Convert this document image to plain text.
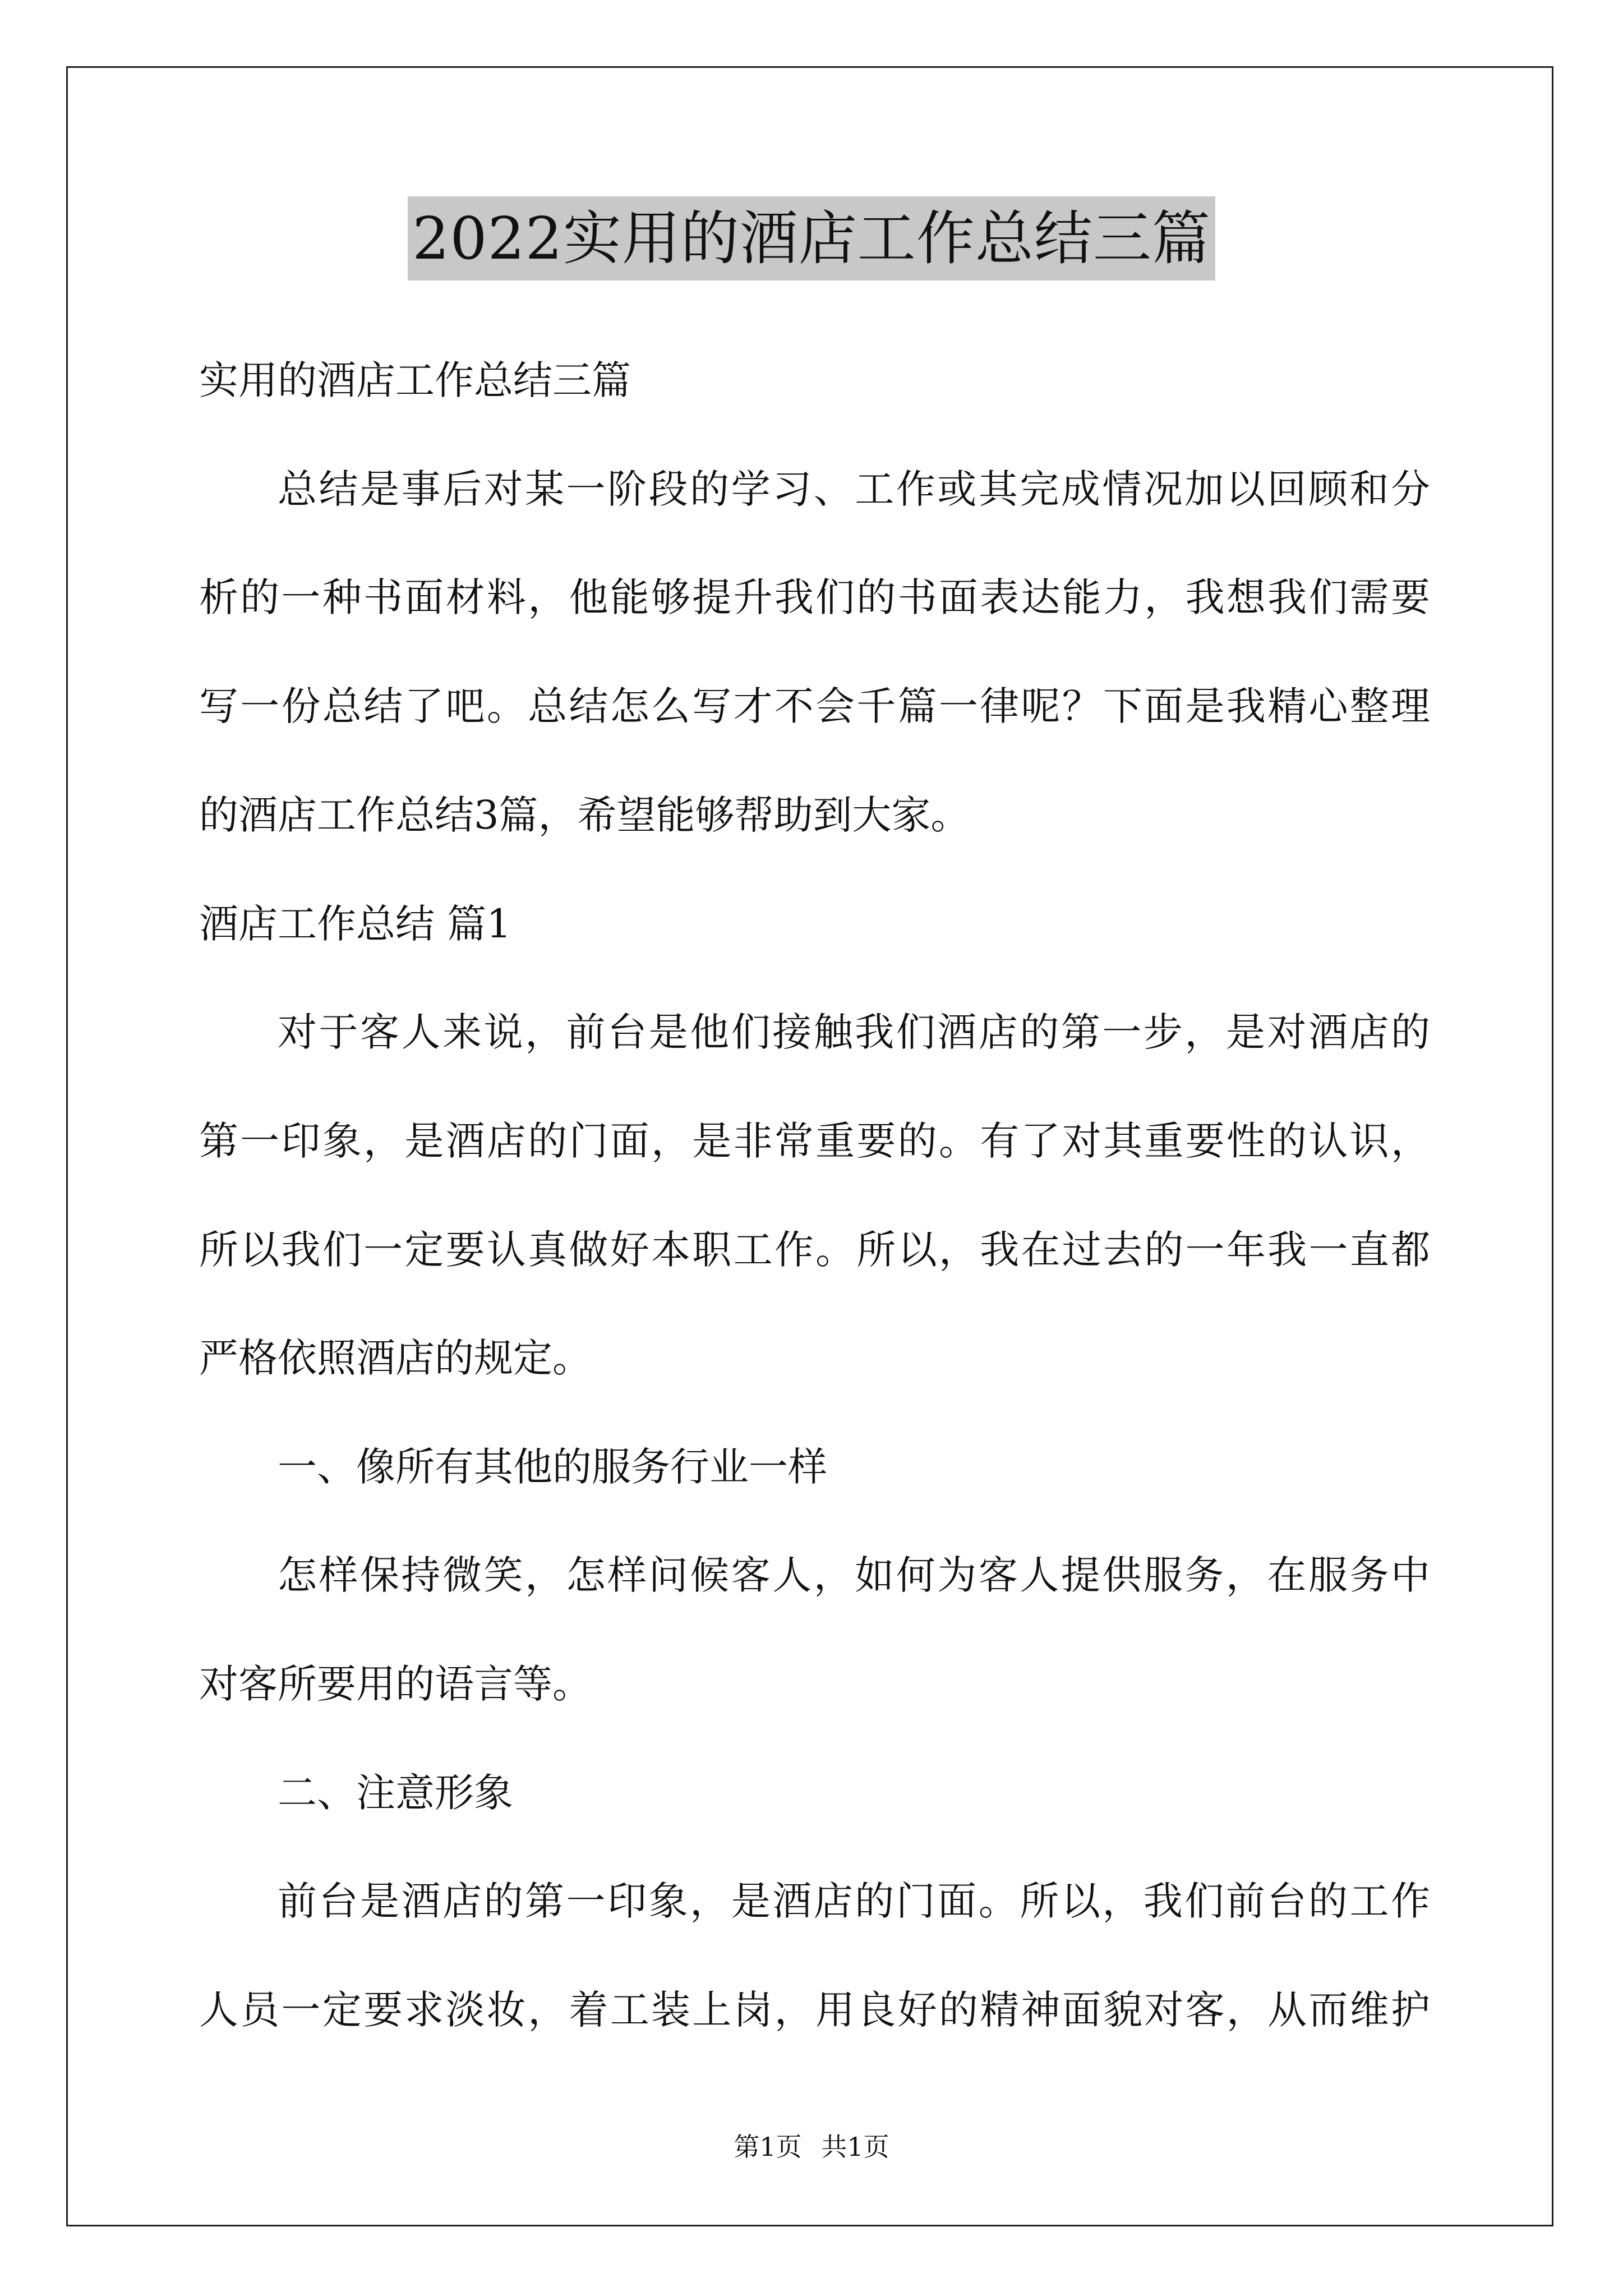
2022实用的酒店工作总结三篇
实用的酒店工作总结三篇
总结是事后对某一阶段的学习、工作或其完成情况加以回顾和分
析的一种书面材料，他能够提升我们的书面表达能力，我想我们需要
写一份总结了吧。总结怎么写才不会千篇一律呢？下面是我精心整理
的酒店工作总结3篇，希望能够帮助到大家。
酒店工作总结 篇1
对于客人来说，前台是他们接触我们酒店的第一步，是对酒店的
第一印象，是酒店的门面，是非常重要的。有了对其重要性的认识，
所以我们一定要认真做好本职工作。所以，我在过去的一年我一直都
严格依照酒店的规定。
一、像所有其他的服务行业一样
怎样保持微笑，怎样问候客人，如何为客人提供服务，在服务中
对客所要用的语言等。
二、注意形象
前台是酒店的第一印象，是酒店的门面。所以，我们前台的工作
人员一定要求淡妆，着工装上岗，用良好的精神面貌对客，从而维护
第1页 共1页
